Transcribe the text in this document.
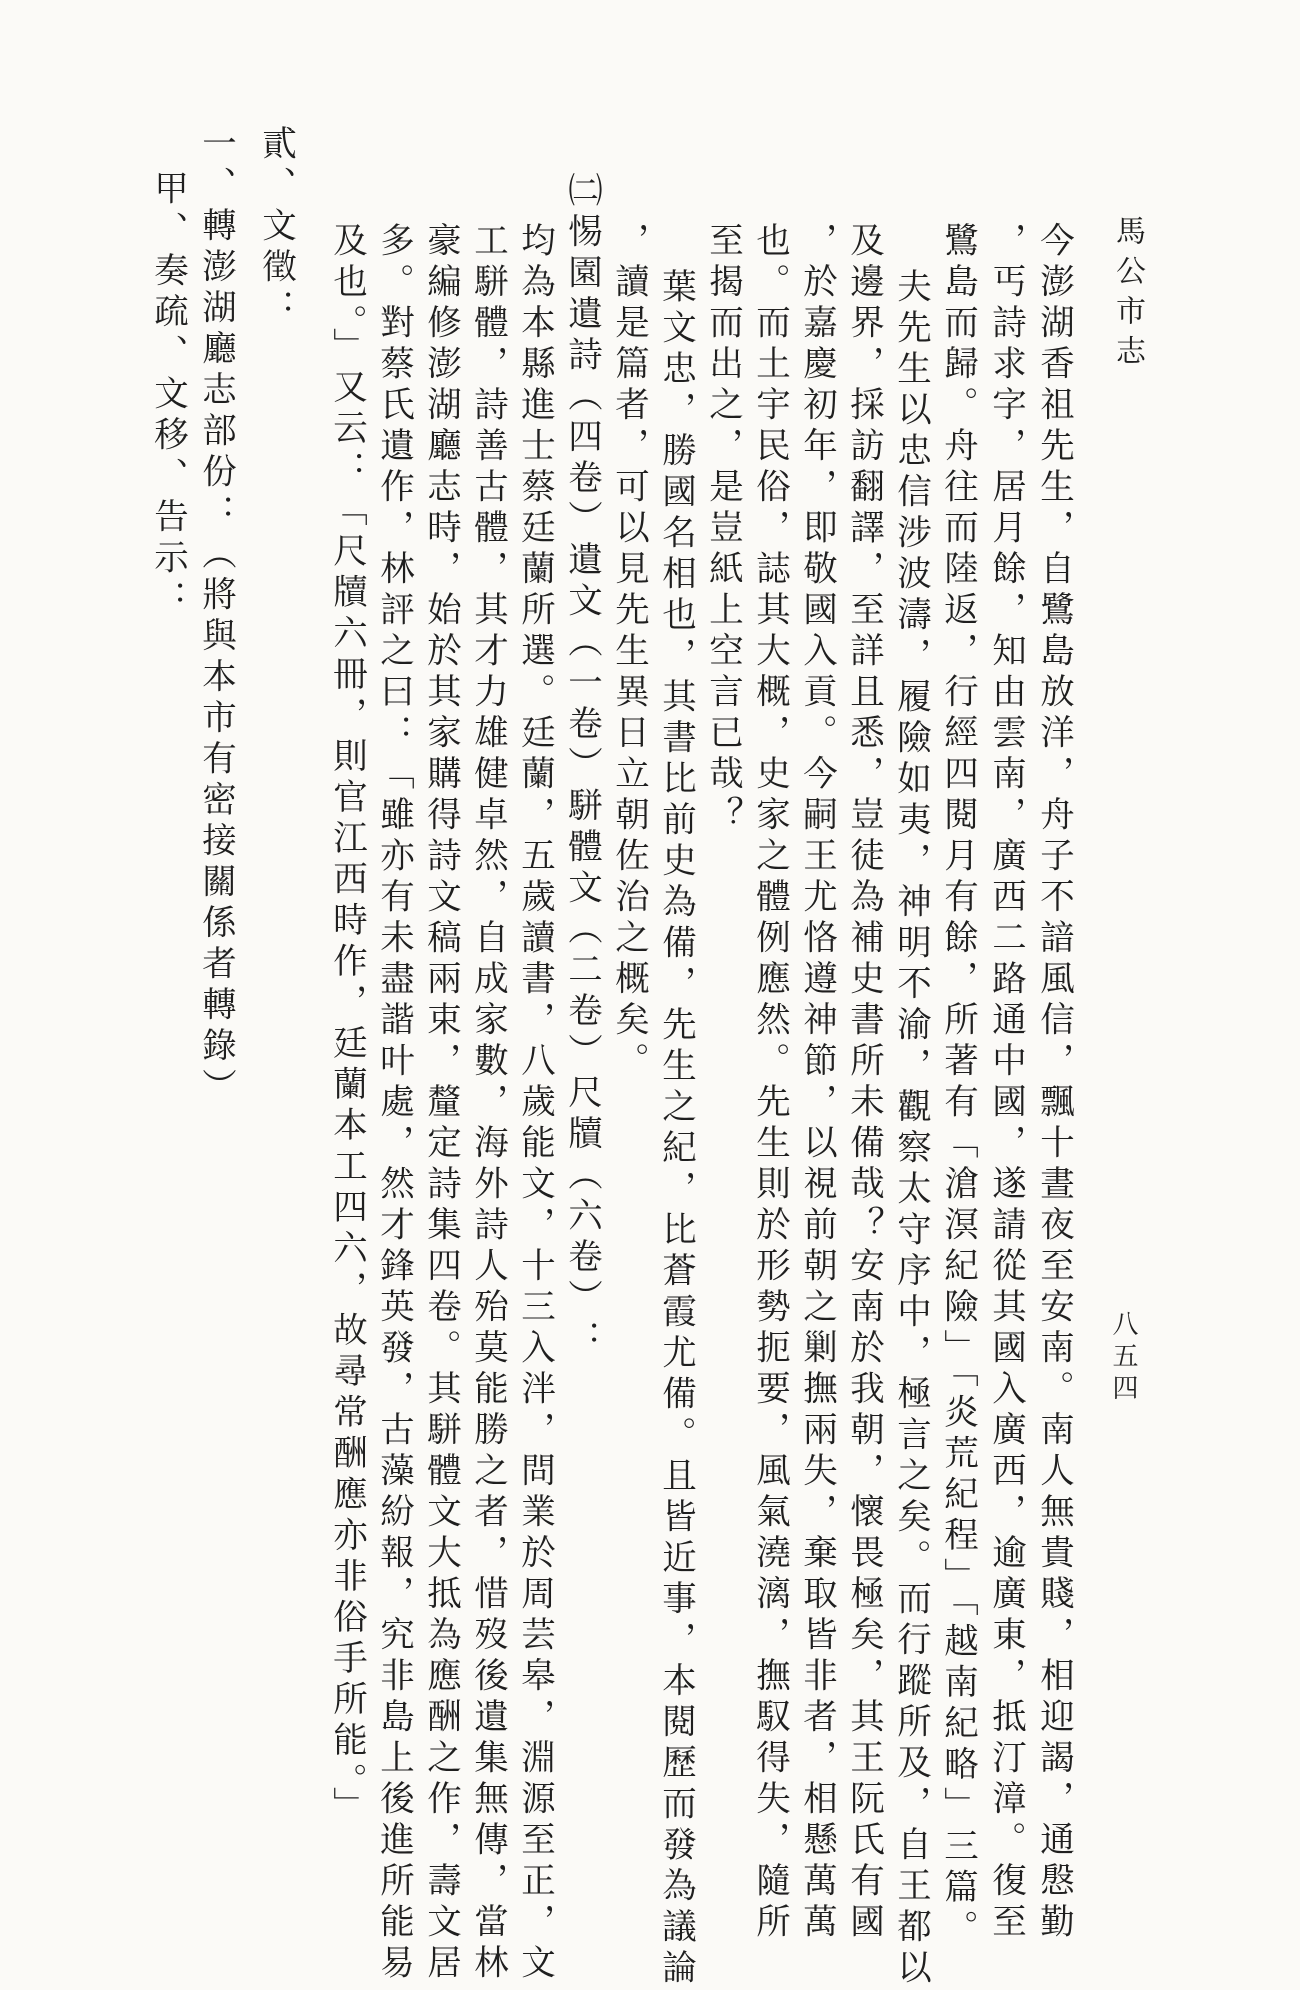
馬公市志
八五四
今澎湖香祖先生，自鷺島放洋，舟子不諳風信，飄十晝夜至安南。南人無貴賤，相迎謁，通慇勤
，丐詩求字，居月餘，知由雲南，廣西二路通中國，遂請從其國入廣西，逾廣東，抵汀漳。復至
鷺島而歸。舟往而陸返，行經四閱月有餘，所著有「滄溟紀險」「炎荒紀程」「越南紀略」三篇。
夫先生以忠信涉波濤，履險如夷，神明不渝，觀察太守序中，極言之矣。而行蹤所及，自王都以
及邊界，採訪翻譯，至詳且悉，豈徒為補史書所未備哉？安南於我朝，懷畏極矣，其王阮氏有國
，於嘉慶初年，即敬國入貢。今嗣王尤恪遵神節，以視前朝之剿撫兩失，棄取皆非者，相懸萬萬
也。而土宇民俗，誌其大概，史家之體例應然。先生則於形勢扼要，風氣澆漓，撫馭得失，隨所
至揭而出之，是豈紙上空言已哉？
葉文忠，勝國名相也，其書比前史為備，先生之紀，比蒼霞尤備。且皆近事，本閱歷而發為議論
，讀是篇者，可以見先生異日立朝佐治之概矣。
㈡惕園遺詩（四卷）遺文（一卷）駢體文（二卷）尺牘（六卷）：
均為本縣進士蔡廷蘭所選。廷蘭，五歲讀書，八歲能文，十三入泮，問業於周芸皋，淵源至正，文
工駢體，詩善古體，其才力雄健卓然，自成家數，海外詩人殆莫能勝之者，惜歿後遺集無傳，當林
豪編修澎湖廳志時，始於其家購得詩文稿兩束，釐定詩集四卷。其駢體文大抵為應酬之作，壽文居
多。對蔡氏遺作，林評之曰：「雖亦有未盡諧叶處，然才鋒英發，古藻紛報，究非島上後進所能易
及也。」又云：「尺牘六冊，則官江西時作，廷蘭本工四六，故尋常酬應亦非俗手所能。」
貳、文徵：
一、轉澎湖廳志部份：（將與本市有密接關係者轉錄）
甲、奏疏、文移、告示：
